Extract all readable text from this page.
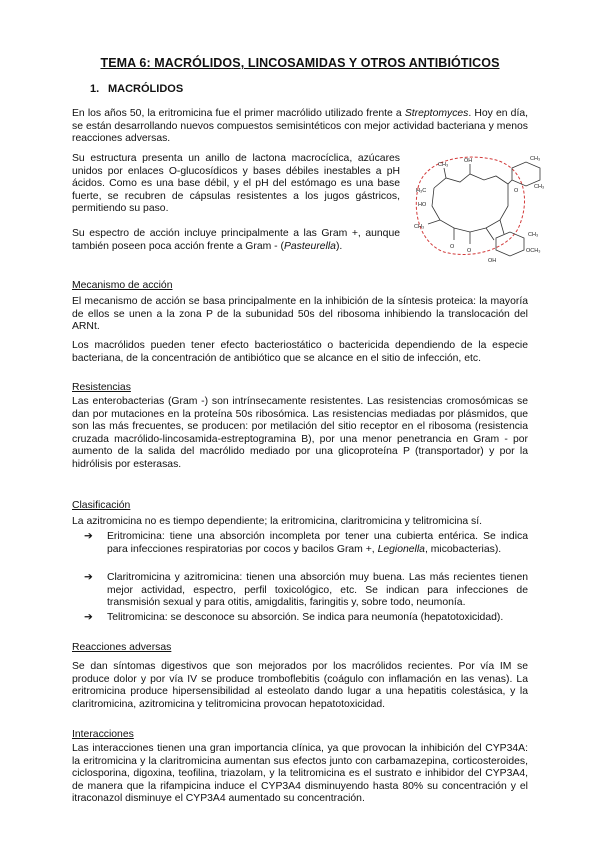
TEMA 6: MACRÓLIDOS, LINCOSAMIDAS Y OTROS ANTIBIÓTICOS
1. MACRÓLIDOS

En los años 50, la eritromicina fue el primer macrólido utilizado frente a Streptomyces. Hoy en día, se están desarrollando nuevos compuestos semisintéticos con mejor actividad bacteriana y menos reacciones adversas.

Su estructura presenta un anillo de lactona macrocíclica, azúcares unidos por enlaces O-glucosídicos y bases débiles inestables a pH ácidos. Como es una base débil, y el pH del estómago es una base fuerte, se recubren de cápsulas resistentes a los jugos gástricos, permitiendo su paso.

Su espectro de acción incluye principalmente a las Gram +, aunque también poseen poca acción frente a Gram - (Pasteurella).

CH₃
CH₃
OH
H₃C
HO
CH₃
O
O
O
CH₃
OCH₃
OH
CH₃
Mecanismo de acción

El mecanismo de acción se basa principalmente en la inhibición de la síntesis proteica: la mayoría de ellos se unen a la zona P de la subunidad 50s del ribosoma inhibiendo la translocación del ARNt.

Los macrólidos pueden tener efecto bacteriostático o bactericida dependiendo de la especie bacteriana, de la concentración de antibiótico que se alcance en el sitio de infección, etc.

Resistencias

Las enterobacterias (Gram -) son intrínsecamente resistentes. Las resistencias cromosómicas se dan por mutaciones en la proteína 50s ribosómica. Las resistencias mediadas por plásmidos, que son las más frecuentes, se producen: por metilación del sitio receptor en el ribosoma (resistencia cruzada macrólido-lincosamida-estreptogramina B), por una menor penetrancia en Gram - por aumento de la salida del macrólido mediado por una glicoproteína P (transportador) y por la hidrólisis por esterasas.

Clasificación

La azitromicina no es tiempo dependiente; la eritromicina, claritromicina y telitromicina sí.

➔ Eritromicina: tiene una absorción incompleta por tener una cubierta entérica. Se indica para infecciones respiratorias por cocos y bacilos Gram +, Legionella, micobacterias).
➔ Claritromicina y azitromicina: tienen una absorción muy buena. Las más recientes tienen mejor actividad, espectro, perfil toxicológico, etc. Se indican para infecciones de transmisión sexual y para otitis, amigdalitis, faringitis y, sobre todo, neumonía.
➔ Telitromicina: se desconoce su absorción. Se indica para neumonía (hepatotoxicidad).
Reacciones adversas

Se dan síntomas digestivos que son mejorados por los macrólidos recientes. Por vía IM se produce dolor y por vía IV se produce tromboflebitis (coágulo con inflamación en las venas). La eritromicina produce hipersensibilidad al esteolato dando lugar a una hepatitis colestásica, y la claritromicina, azitromicina y telitromicina provocan hepatotoxicidad.

Interacciones

Las interacciones tienen una gran importancia clínica, ya que provocan la inhibición del CYP34A: la eritromicina y la claritromicina aumentan sus efectos junto con carbamazepina, corticosteroides, ciclosporina, digoxina, teofilina, triazolam, y la telitromicina es el sustrato e inhibidor del CYP3A4, de manera que la rifampicina induce el CYP3A4 disminuyendo hasta 80% su concentración y el itraconazol disminuye el CYP3A4 aumentado su concentración.
